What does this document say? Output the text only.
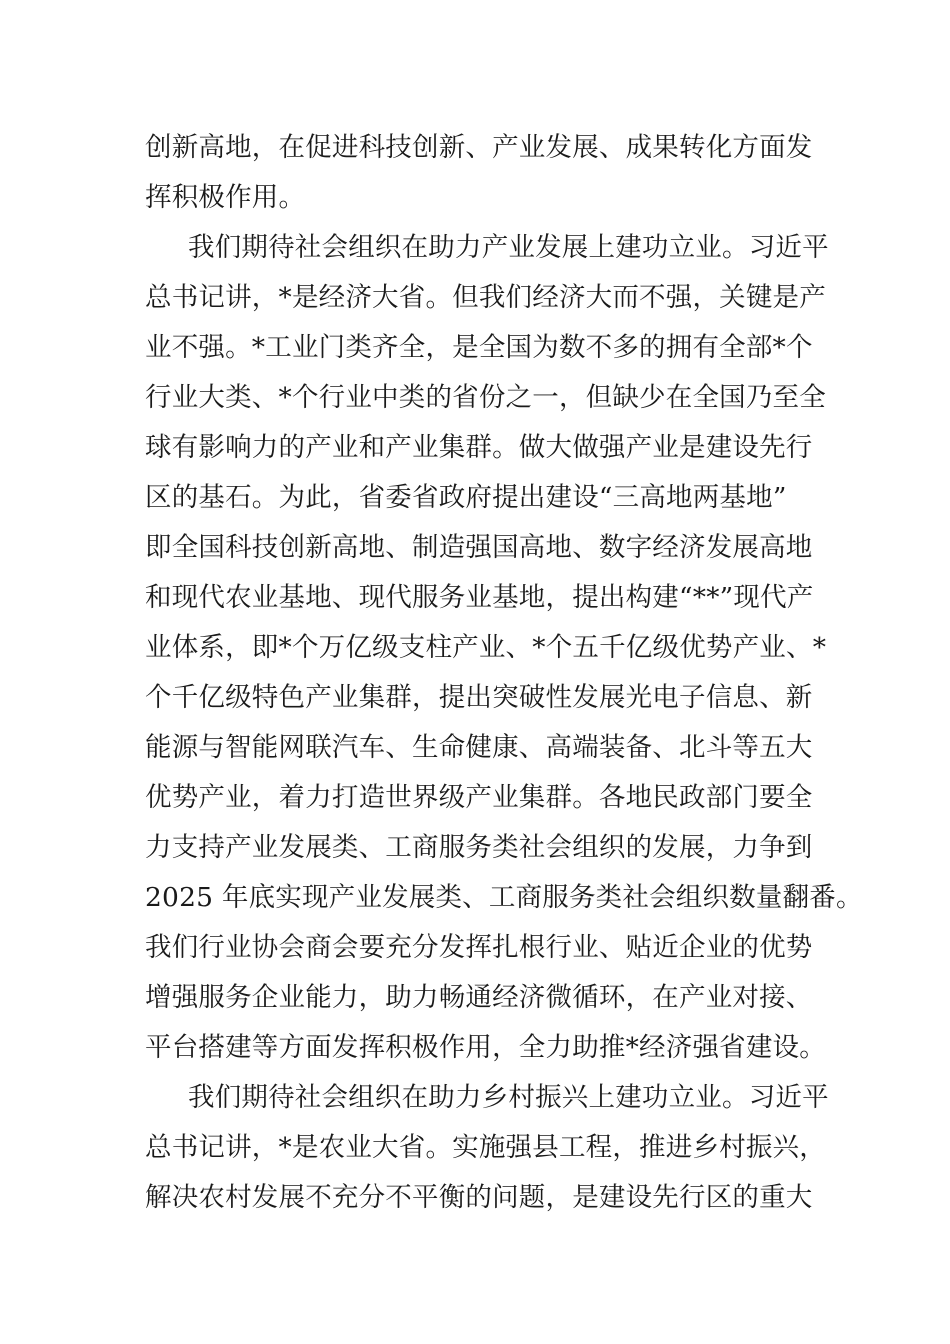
创新高地，在促进科技创新、产业发展、成果转化方面发
挥积极作用。
我们期待社会组织在助力产业发展上建功立业。习近平
总书记讲，*是经济大省。但我们经济大而不强，关键是产
业不强。*工业门类齐全，是全国为数不多的拥有全部*个
行业大类、*个行业中类的省份之一，但缺少在全国乃至全
球有影响力的产业和产业集群。做大做强产业是建设先行
区的基石。为此，省委省政府提出建设“三高地两基地”
即全国科技创新高地、制造强国高地、数字经济发展高地
和现代农业基地、现代服务业基地，提出构建“**”现代产
业体系，即*个万亿级支柱产业、*个五千亿级优势产业、*
个千亿级特色产业集群，提出突破性发展光电子信息、新
能源与智能网联汽车、生命健康、高端装备、北斗等五大
优势产业，着力打造世界级产业集群。各地民政部门要全
力支持产业发展类、工商服务类社会组织的发展，力争到
2025 年底实现产业发展类、工商服务类社会组织数量翻番。
我们行业协会商会要充分发挥扎根行业、贴近企业的优势
增强服务企业能力，助力畅通经济微循环，在产业对接、
平台搭建等方面发挥积极作用，全力助推*经济强省建设。
我们期待社会组织在助力乡村振兴上建功立业。习近平
总书记讲，*是农业大省。实施强县工程，推进乡村振兴，
解决农村发展不充分不平衡的问题，是建设先行区的重大
